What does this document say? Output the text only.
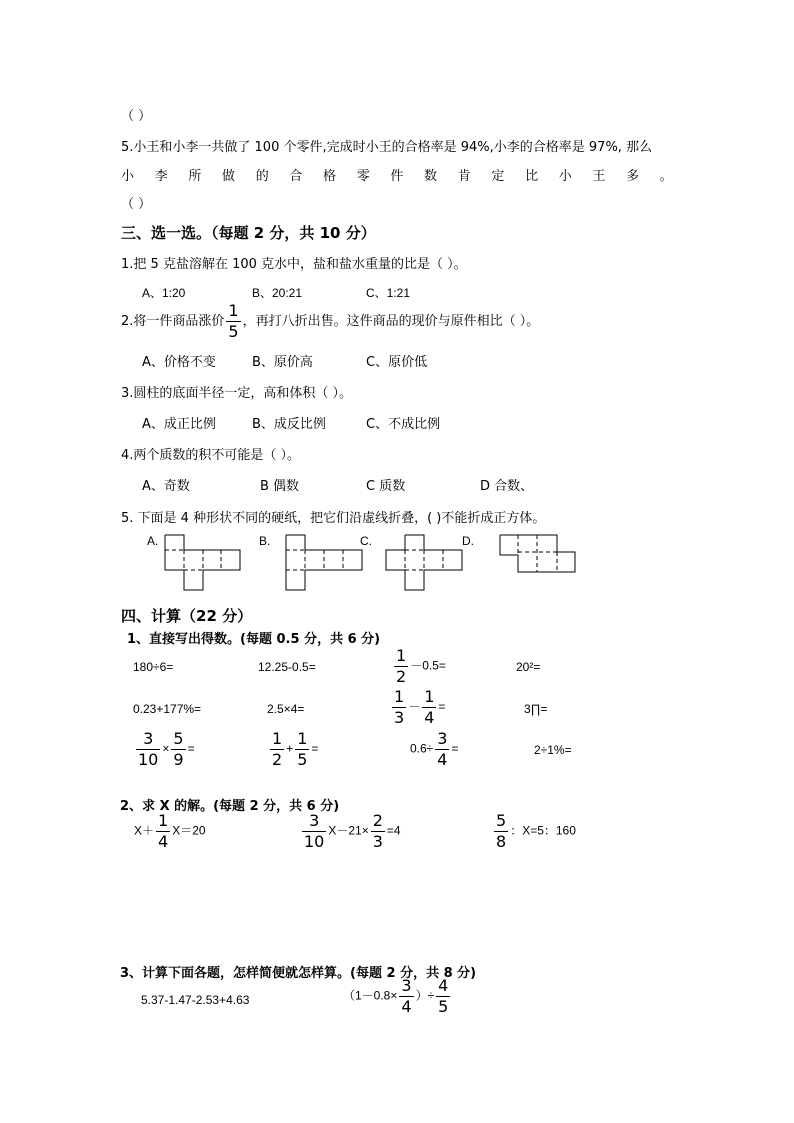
（ ）
5.小王和小李一共做了 100 个零件,完成时小王的合格率是 94%,小李的合格率是 97%, 那么
小 李 所 做 的 合 格 零 件 数 肯 定 比 小 王 多 。
（ ）
三、选一选。（每题 2 分，共 10 分）
1.把 5 克盐溶解在 100 克水中，盐和盐水重量的比是（ ）。
A、1:20	B、20:21	C、1:21
2.将一件商品涨价 $\frac{1}{5}$ ，再打八折出售。这件商品的现价与原件相比（ ）。
A、价格不变	B、原价高	C、原价低
3.圆柱的底面半径一定，高和体积（ ）。
A、成正比例	B、成反比例	C、不成比例
4.两个质数的积不可能是（ ）。
A、奇数	B 偶数	C 质数	D 合数、
5. 下面是 4 种形状不同的硬纸，把它们沿虚线折叠，( )不能折成正方体。
A.	B.	C.	D.
四、计算（22 分）
1、直接写出得数。(每题 0.5 分，共 6 分)
180÷6=	12.25-0.5=	$\frac{1}{2} -0.5=$	20²=
0.23+177%=	2.5×4=	$\frac{1}{3} - \frac{1}{4}$ =	3∏=
$\frac{3}{10} \times \frac{5}{9}$ =	$\frac{1}{2} + \frac{1}{5}$ =	$0.6\div \frac{3}{4}$ =	2÷1%=
2、求 X 的解。(每题 2 分，共 6 分)
$X+ \frac{1}{4} X=20$	$\frac{3}{10} X-21\times \frac{2}{3} =4$	$\frac{5}{8}$ ：X=5：160
3、计算下面各题，怎样简便就怎样算。(每题 2 分，共 8 分)
5.37-1.47-2.53+4.63	（$1-0.8\times \frac{3}{4}$ ）÷ $\frac{4}{5}$
